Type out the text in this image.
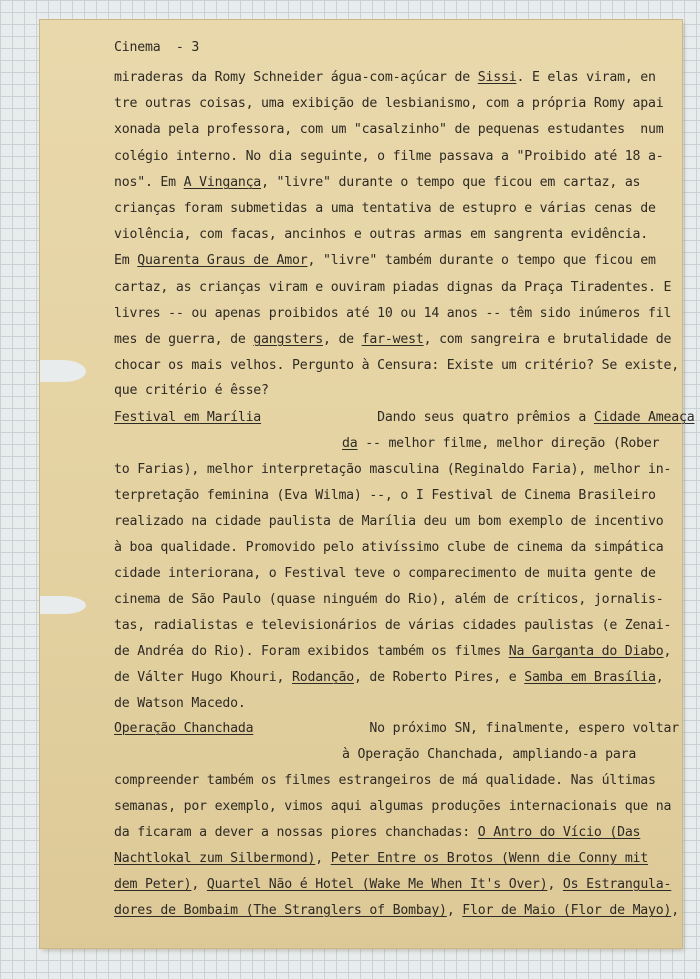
Cinema  - 3
miraderas da Romy Schneider água-com-açúcar de Sissi. E elas viram, en
tre outras coisas, uma exibição de lesbianismo, com a própria Romy apai
xonada pela professora, com um "casalzinho" de pequenas estudantes  num
colégio interno. No dia seguinte, o filme passava a "Proibido até 18 a-
nos". Em A Vingança, "livre" durante o tempo que ficou em cartaz, as
crianças foram submetidas a uma tentativa de estupro e várias cenas de
violência, com facas, ancinhos e outras armas em sangrenta evidência.
Em Quarenta Graus de Amor, "livre" também durante o tempo que ficou em
cartaz, as crianças viram e ouviram piadas dignas da Praça Tiradentes. E
livres -- ou apenas proibidos até 10 ou 14 anos -- têm sido inúmeros fil
mes de guerra, de gangsters, de far-west, com sangreira e brutalidade de
chocar os mais velhos. Pergunto à Censura: Existe um critério? Se existe,
que critério é êsse?
Festival em Marília               Dando seus quatro prêmios a Cidade Ameaça
da -- melhor filme, melhor direção (Rober
to Farias), melhor interpretação masculina (Reginaldo Faria), melhor in-
terpretação feminina (Eva Wilma) --, o I Festival de Cinema Brasileiro
realizado na cidade paulista de Marília deu um bom exemplo de incentivo
à boa qualidade. Promovido pelo ativíssimo clube de cinema da simpática
cidade interiorana, o Festival teve o comparecimento de muita gente de
cinema de São Paulo (quase ninguém do Rio), além de críticos, jornalis-
tas, radialistas e televisionários de várias cidades paulistas (e Zenai-
de Andréa do Rio). Foram exibidos também os filmes Na Garganta do Diabo,
de Válter Hugo Khouri, Rodanção, de Roberto Pires, e Samba em Brasília,
de Watson Macedo.
Operação Chanchada               No próximo SN, finalmente, espero voltar
à Operação Chanchada, ampliando-a para
compreender também os filmes estrangeiros de má qualidade. Nas últimas
semanas, por exemplo, vimos aqui algumas produções internacionais que na
da ficaram a dever a nossas piores chanchadas: O Antro do Vício (Das
Nachtlokal zum Silbermond), Peter Entre os Brotos (Wenn die Conny mit
dem Peter), Quartel Não é Hotel (Wake Me When It's Over), Os Estrangula-
dores de Bombaim (The Stranglers of Bombay), Flor de Maio (Flor de Mayo),
